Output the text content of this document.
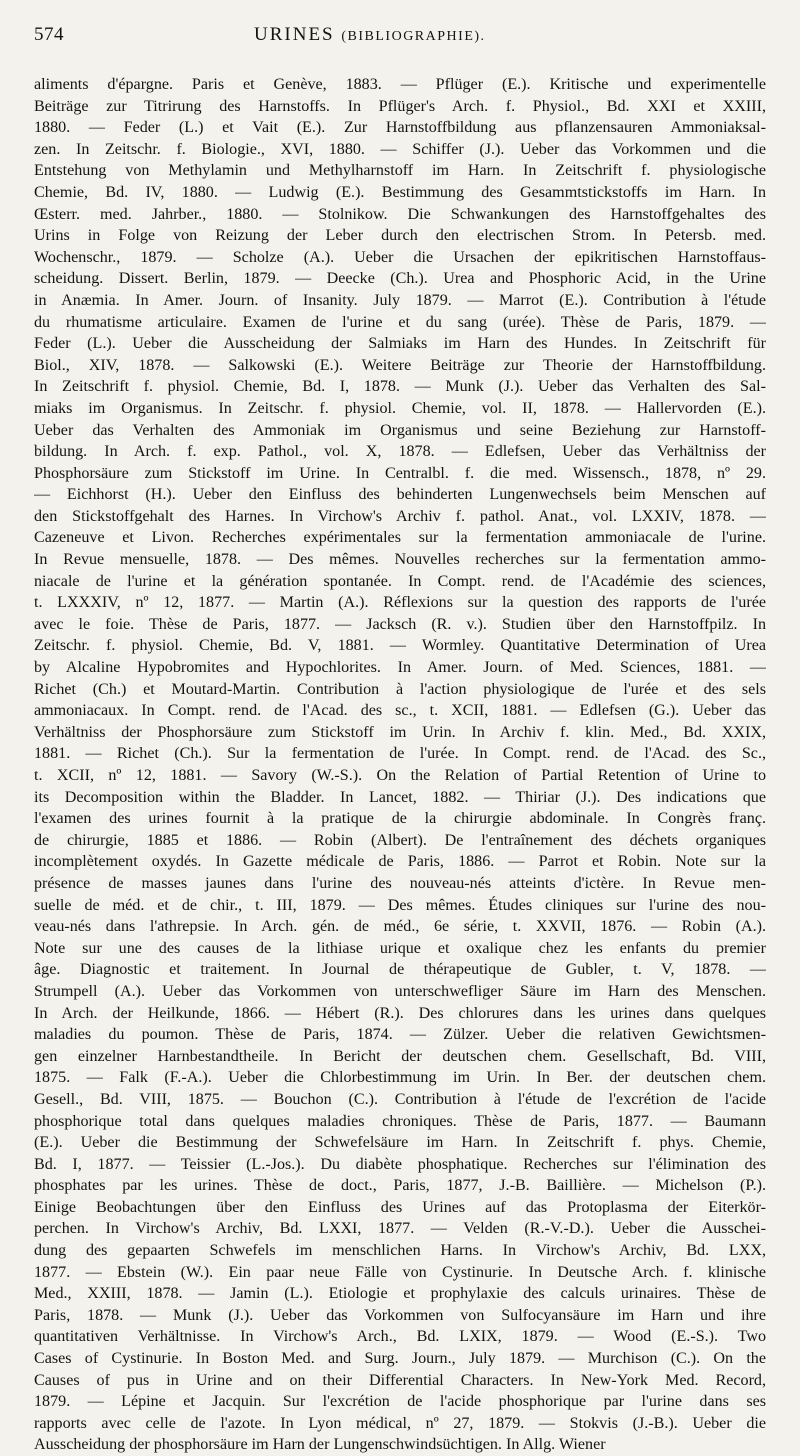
574	URINES (BIBLIOGRAPHIE).
aliments d'épargne. Paris et Genève, 1883. — Pflüger (E.). Kritische und experimentelle
Beiträge zur Titrirung des Harnstoffs. In Pflüger's Arch. f. Physiol., Bd. XXI et XXIII,
1880. — Feder (L.) et Vait (E.). Zur Harnstoffbildung aus pflanzensauren Ammoniaksal-
zen. In Zeitschr. f. Biologie., XVI, 1880. — Schiffer (J.). Ueber das Vorkommen und die
Entstehung von Methylamin und Methylharnstoff im Harn. In Zeitschrift f. physiologische
Chemie, Bd. IV, 1880. — Ludwig (E.). Bestimmung des Gesammtstickstoffs im Harn. In
Œsterr. med. Jahrber., 1880. — Stolnikow. Die Schwankungen des Harnstoffgehaltes des
Urins in Folge von Reizung der Leber durch den electrischen Strom. In Petersb. med.
Wochenschr., 1879. — Scholze (A.). Ueber die Ursachen der epikritischen Harnstoffaus-
scheidung. Dissert. Berlin, 1879. — Deecke (Ch.). Urea and Phosphoric Acid, in the Urine
in Anæmia. In Amer. Journ. of Insanity. July 1879. — Marrot (E.). Contribution à l'étude
du rhumatisme articulaire. Examen de l'urine et du sang (urée). Thèse de Paris, 1879. —
Feder (L.). Ueber die Ausscheidung der Salmiaks im Harn des Hundes. In Zeitschrift für
Biol., XIV, 1878. — Salkowski (E.). Weitere Beiträge zur Theorie der Harnstoffbildung.
In Zeitschrift f. physiol. Chemie, Bd. I, 1878. — Munk (J.). Ueber das Verhalten des Sal-
miaks im Organismus. In Zeitschr. f. physiol. Chemie, vol. II, 1878. — Hallervorden (E.).
Ueber das Verhalten des Ammoniak im Organismus und seine Beziehung zur Harnstoff-
bildung. In Arch. f. exp. Pathol., vol. X, 1878. — Edlefsen, Ueber das Verhältniss der
Phosphorsäure zum Stickstoff im Urine. In Centralbl. f. die med. Wissensch., 1878, nº 29.
— Eichhorst (H.). Ueber den Einfluss des behinderten Lungenwechsels beim Menschen auf
den Stickstoffgehalt des Harnes. In Virchow's Archiv f. pathol. Anat., vol. LXXIV, 1878. —
Cazeneuve et Livon. Recherches expérimentales sur la fermentation ammoniacale de l'urine.
In Revue mensuelle, 1878. — Des mêmes. Nouvelles recherches sur la fermentation ammo-
niacale de l'urine et la génération spontanée. In Compt. rend. de l'Académie des sciences,
t. LXXXIV, nº 12, 1877. — Martin (A.). Réflexions sur la question des rapports de l'urée
avec le foie. Thèse de Paris, 1877. — Jacksch (R. v.). Studien über den Harnstoffpilz. In
Zeitschr. f. physiol. Chemie, Bd. V, 1881. — Wormley. Quantitative Determination of Urea
by Alcaline Hypobromites and Hypochlorites. In Amer. Journ. of Med. Sciences, 1881. —
Richet (Ch.) et Moutard-Martin. Contribution à l'action physiologique de l'urée et des sels
ammoniacaux. In Compt. rend. de l'Acad. des sc., t. XCII, 1881. — Edlefsen (G.). Ueber das
Verhältniss der Phosphorsäure zum Stickstoff im Urin. In Archiv f. klin. Med., Bd. XXIX,
1881. — Richet (Ch.). Sur la fermentation de l'urée. In Compt. rend. de l'Acad. des Sc.,
t. XCII, nº 12, 1881. — Savory (W.-S.). On the Relation of Partial Retention of Urine to
its Decomposition within the Bladder. In Lancet, 1882. — Thiriar (J.). Des indications que
l'examen des urines fournit à la pratique de la chirurgie abdominale. In Congrès franç.
de chirurgie, 1885 et 1886. — Robin (Albert). De l'entraînement des déchets organiques
incomplètement oxydés. In Gazette médicale de Paris, 1886. — Parrot et Robin. Note sur la
présence de masses jaunes dans l'urine des nouveau-nés atteints d'ictère. In Revue men-
suelle de méd. et de chir., t. III, 1879. — Des mêmes. Études cliniques sur l'urine des nou-
veau-nés dans l'athrepsie. In Arch. gén. de méd., 6e série, t. XXVII, 1876. — Robin (A.).
Note sur une des causes de la lithiase urique et oxalique chez les enfants du premier
âge. Diagnostic et traitement. In Journal de thérapeutique de Gubler, t. V, 1878. —
Strumpell (A.). Ueber das Vorkommen von unterschwefliger Säure im Harn des Menschen.
In Arch. der Heilkunde, 1866. — Hébert (R.). Des chlorures dans les urines dans quelques
maladies du poumon. Thèse de Paris, 1874. — Zülzer. Ueber die relativen Gewichtsmen-
gen einzelner Harnbestandtheile. In Bericht der deutschen chem. Gesellschaft, Bd. VIII,
1875. — Falk (F.-A.). Ueber die Chlorbestimmung im Urin. In Ber. der deutschen chem.
Gesell., Bd. VIII, 1875. — Bouchon (C.). Contribution à l'étude de l'excrétion de l'acide
phosphorique total dans quelques maladies chroniques. Thèse de Paris, 1877. — Baumann
(E.). Ueber die Bestimmung der Schwefelsäure im Harn. In Zeitschrift f. phys. Chemie,
Bd. I, 1877. — Teissier (L.-Jos.). Du diabète phosphatique. Recherches sur l'élimination des
phosphates par les urines. Thèse de doct., Paris, 1877, J.-B. Baillière. — Michelson (P.).
Einige Beobachtungen über den Einfluss des Urines auf das Protoplasma der Eiterkör-
perchen. In Virchow's Archiv, Bd. LXXI, 1877. — Velden (R.-V.-D.). Ueber die Ausschei-
dung des gepaarten Schwefels im menschlichen Harns. In Virchow's Archiv, Bd. LXX,
1877. — Ebstein (W.). Ein paar neue Fälle von Cystinurie. In Deutsche Arch. f. klinische
Med., XXIII, 1878. — Jamin (L.). Etiologie et prophylaxie des calculs urinaires. Thèse de
Paris, 1878. — Munk (J.). Ueber das Vorkommen von Sulfocyansäure im Harn und ihre
quantitativen Verhältnisse. In Virchow's Arch., Bd. LXIX, 1879. — Wood (E.-S.). Two
Cases of Cystinurie. In Boston Med. and Surg. Journ., July 1879. — Murchison (C.). On the
Causes of pus in Urine and on their Differential Characters. In New-York Med. Record,
1879. — Lépine et Jacquin. Sur l'excrétion de l'acide phosphorique par l'urine dans ses
rapports avec celle de l'azote. In Lyon médical, nº 27, 1879. — Stokvis (J.-B.). Ueber die
Ausscheidung der phosphorsäure im Harn der Lungenschwindsüchtigen. In Allg. Wiener
